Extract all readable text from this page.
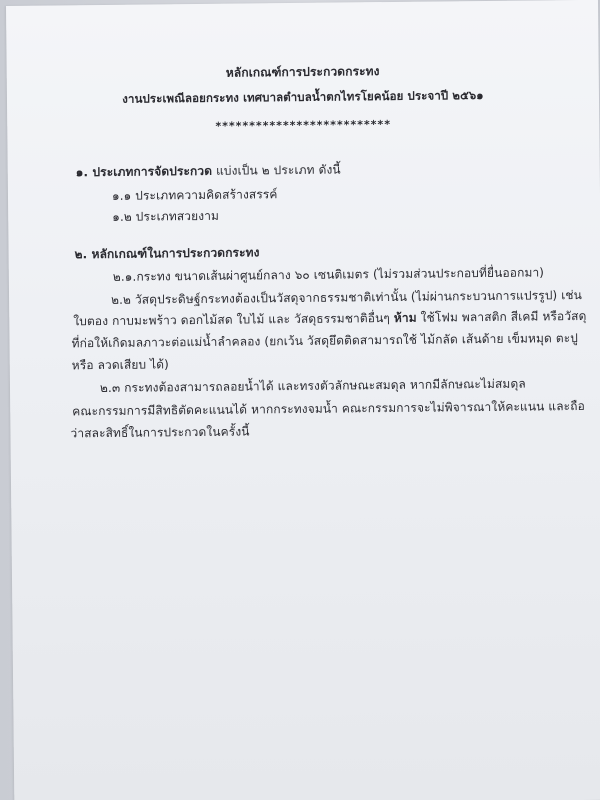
หลักเกณฑ์การประกวดกระทง
งานประเพณีลอยกระทง เทศบาลตำบลน้ำตกไทรโยคน้อย ประจาปี ๒๕๖๑
**************************
๑. ประเภทการจัดประกวด แบ่งเป็น ๒ ประเภท ดังนี้
๑.๑ ประเภทความคิดสร้างสรรค์
๑.๒ ประเภทสวยงาม
๒. หลักเกณฑ์ในการประกวดกระทง
๒.๑.กระทง ขนาดเส้นผ่าศูนย์กลาง ๖๐ เซนติเมตร (ไม่รวมส่วนประกอบที่ยื่นออกมา)
๒.๒ วัสดุประดิษฐ์กระทงต้องเป็นวัสดุจากธรรมชาติเท่านั้น (ไม่ผ่านกระบวนการแปรรูป) เช่น
ใบตอง กาบมะพร้าว ดอกไม้สด ใบไม้ และ วัสดุธรรมชาติอื่นๆ ห้าม ใช้โฟม พลาสติก สีเคมี หรือวัสดุ
ที่ก่อให้เกิดมลภาวะต่อแม่น้ำลำคลอง (ยกเว้น วัสดุยึดติดสามารถใช้ ไม้กลัด เส้นด้าย เข็มหมุด ตะปู
หรือ ลวดเสียบ ได้)
๒.๓ กระทงต้องสามารถลอยน้ำได้ และทรงตัวลักษณะสมดุล หากมีลักษณะไม่สมดุล
คณะกรรมการมีสิทธิตัดคะแนนได้ หากกระทงจมน้ำ คณะกรรมการจะไม่พิจารณาให้คะแนน และถือ
ว่าสละสิทธิ์ในการประกวดในครั้งนี้
